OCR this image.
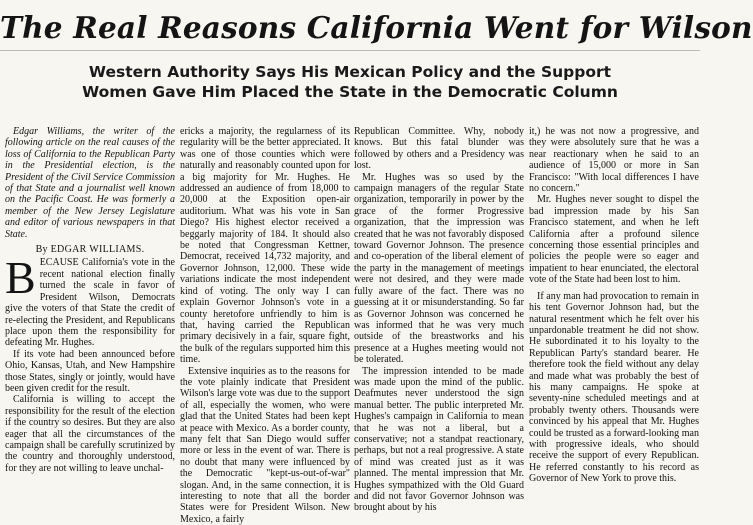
The Real Reasons California Went for Wilson
Western Authority Says His Mexican Policy and the Support
Women Gave Him Placed the State in the Democratic Column

Edgar Williams, the writer of the following article on the real causes of the loss of California to the Republican Party in the Presidential election, is the President of the Civil Service Commission of that State and a journalist well known on the Pacific Coast. He was formerly a member of the New Jersey Legislature and editor of various newspapers in that State.

By EDGAR WILLIAMS.

B ECAUSE California's vote in the recent national election finally turned the scale in favor of President Wilson, Democrats give the voters of that State the credit of re-electing the President, and Republicans place upon them the responsibility for defeating Mr. Hughes.

If its vote had been announced before Ohio, Kansas, Utah, and New Hampshire those States, singly or jointly, would have been given credit for the result.

California is willing to accept the responsibility for the result of the election if the country so desires. But they are also eager that all the circumstances of the campaign shall be carefully scrutinized by the country and thoroughly understood, for they are not willing to leave unchal-

ericks a majority, the regularness of its regularity will be the better appreciated. It was one of those counties which were naturally and reasonably counted upon for a big majority for Mr. Hughes. He addressed an audience of from 18,000 to 20,000 at the Exposition open-air auditorium. What was his vote in San Diego? His highest elector received a beggarly majority of 184. It should also be noted that Congressman Kettner, Democrat, received 14,732 majority, and Governor Johnson, 12,000. These wide variations indicate the most independent kind of voting. The only way I can explain Governor Johnson's vote in a county heretofore unfriendly to him is that, having carried the Republican primary decisively in a fair, square fight, the bulk of the regulars supported him this time.

Extensive inquiries as to the reasons for the vote plainly indicate that President Wilson's large vote was due to the support of all, especially the women, who were glad that the United States had been kept at peace with Mexico. As a border county, many felt that San Diego would suffer more or less in the event of war. There is no doubt that many were influenced by the Democratic "kept-us-out-of-war" slogan. And, in the same connection, it is interesting to note that all the border States were for President Wilson. New Mexico, a fairly

Republican Committee. Why, nobody knows. But this fatal blunder was followed by others and a Presidency was lost.

Mr. Hughes was so used by the campaign managers of the regular State organization, temporarily in power by the grace of the former Progressive organization, that the impression was created that he was not favorably disposed toward Governor Johnson. The presence and co-operation of the liberal element of the party in the management of meetings were not desired, and they were made fully aware of the fact. There was no guessing at it or misunderstanding. So far as Governor Johnson was concerned he was informed that he was very much outside of the breastworks and his presence at a Hughes meeting would not be tolerated.

The impression intended to be made was made upon the mind of the public. Deafmutes never understood the sign manual better. The public interpreted Mr. Hughes's campaign in California to mean that he was not a liberal, but a conservative; not a standpat reactionary, perhaps, but not a real progressive. A state of mind was created just as it was planned. The mental impression that Mr. Hughes sympathized with the Old Guard and did not favor Governor Johnson was brought about by his

it,) he was not now a progressive, and they were absolutely sure that he was a near reactionary when he said to an audience of 15,000 or more in San Francisco: "With local differences I have no concern."

Mr. Hughes never sought to dispel the bad impression made by his San Francisco statement, and when he left California after a profound silence concerning those essential principles and policies the people were so eager and impatient to hear enunciated, the electoral vote of the State had been lost to him.

If any man had provocation to remain in his tent Governor Johnson had, but the natural resentment which he felt over his unpardonable treatment he did not show. He subordinated it to his loyalty to the Republican Party's standard bearer. He therefore took the field without any delay and made what was probably the best of his many campaigns. He spoke at seventy-nine scheduled meetings and at probably twenty others. Thousands were convinced by his appeal that Mr. Hughes could be trusted as a forward-looking man with progressive ideals, who should receive the support of every Republican. He referred constantly to his record as Governor of New York to prove this.
